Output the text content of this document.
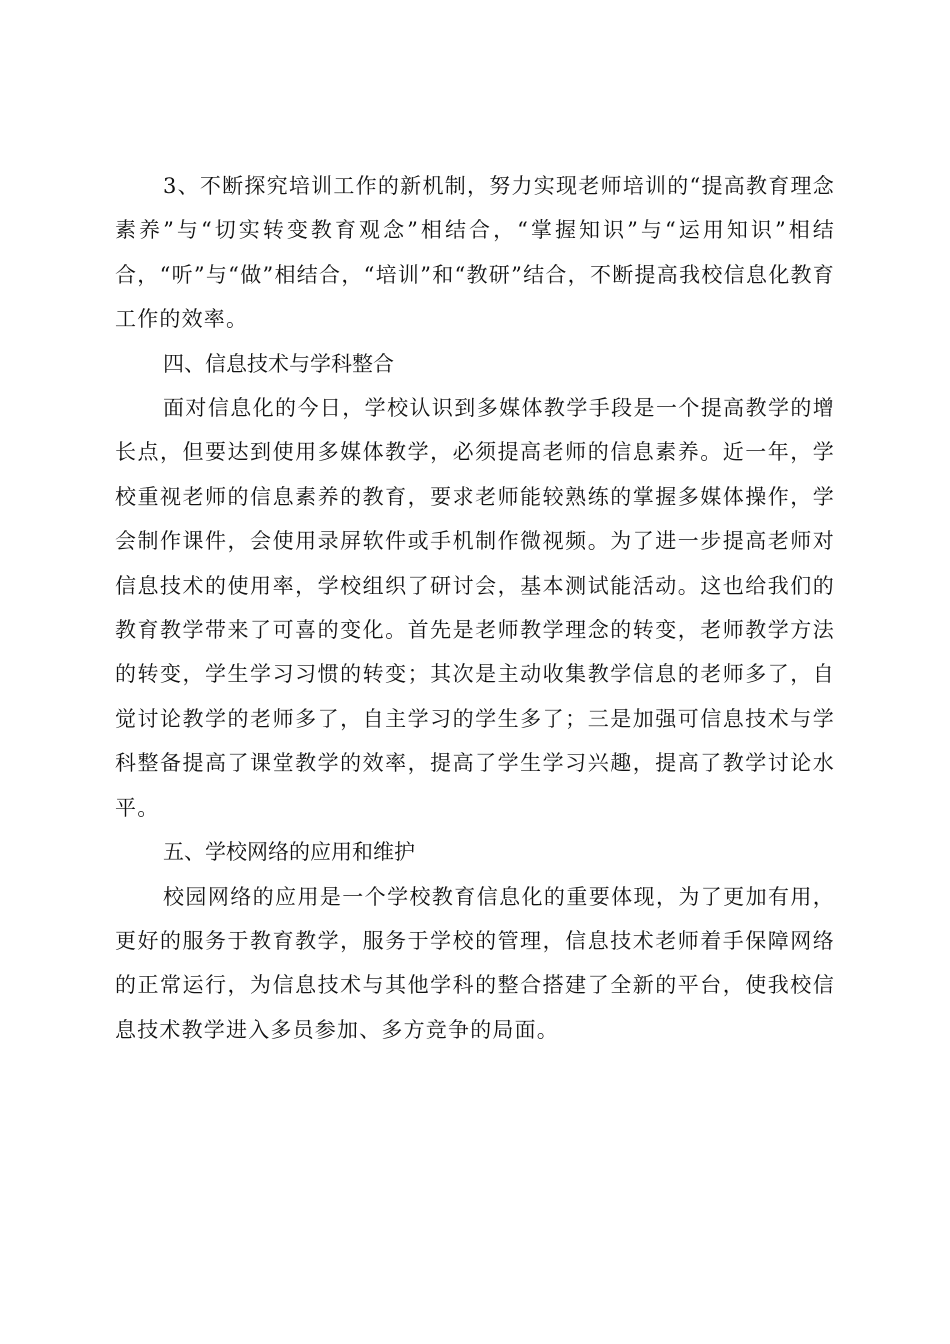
3、不断探究培训工作的新机制，努力实现老师培训的“提高教育理念素养”与“切实转变教育观念”相结合，“掌握知识”与“运用知识”相结合，“听”与“做”相结合，“培训”和“教研”结合，不断提高我校信息化教育工作的效率。

四、信息技术与学科整合

面对信息化的今日，学校认识到多媒体教学手段是一个提高教学的增长点，但要达到使用多媒体教学，必须提高老师的信息素养。近一年，学校重视老师的信息素养的教育，要求老师能较熟练的掌握多媒体操作，学会制作课件，会使用录屏软件或手机制作微视频。为了进一步提高老师对信息技术的使用率，学校组织了研讨会，基本测试能活动。这也给我们的教育教学带来了可喜的变化。首先是老师教学理念的转变，老师教学方法的转变，学生学习习惯的转变；其次是主动收集教学信息的老师多了，自觉讨论教学的老师多了，自主学习的学生多了；三是加强可信息技术与学科整备提高了课堂教学的效率，提高了学生学习兴趣，提高了教学讨论水平。

五、学校网络的应用和维护

校园网络的应用是一个学校教育信息化的重要体现，为了更加有用，更好的服务于教育教学，服务于学校的管理，信息技术老师着手保障网络的正常运行，为信息技术与其他学科的整合搭建了全新的平台，使我校信息技术教学进入多员参加、多方竞争的局面。
